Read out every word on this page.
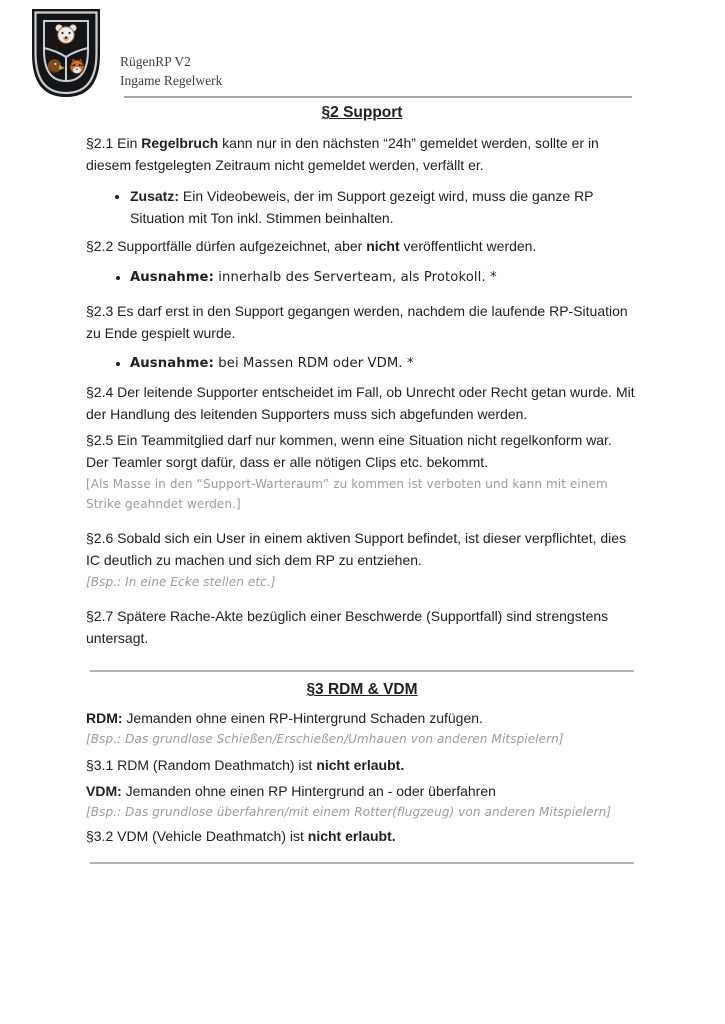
RügenRP V2
Ingame Regelwerk
§2 Support

§2.1 Ein Regelbruch kann nur in den nächsten “24h” gemeldet werden, sollte er in diesem festgelegten Zeitraum nicht gemeldet werden, verfällt er.

• Zusatz: Ein Videobeweis, der im Support gezeigt wird, muss die ganze RP Situation mit Ton inkl. Stimmen beinhalten.

§2.2 Supportfälle dürfen aufgezeichnet, aber nicht veröffentlicht werden.

• Ausnahme: innerhalb des Serverteam, als Protokoll. *

§2.3 Es darf erst in den Support gegangen werden, nachdem die laufende RP-Situation zu Ende gespielt wurde.

• Ausnahme: bei Massen RDM oder VDM. *

§2.4 Der leitende Supporter entscheidet im Fall, ob Unrecht oder Recht getan wurde. Mit der Handlung des leitenden Supporters muss sich abgefunden werden.

§2.5 Ein Teammitglied darf nur kommen, wenn eine Situation nicht regelkonform war. Der Teamler sorgt dafür, dass er alle nötigen Clips etc. bekommt.

[Als Masse in den “Support-Warteraum” zu kommen ist verboten und kann mit einem Strike geahndet werden.]

§2.6 Sobald sich ein User in einem aktiven Support befindet, ist dieser verpflichtet, dies IC deutlich zu machen und sich dem RP zu entziehen.

[Bsp.: In eine Ecke stellen etc.]

§2.7 Spätere Rache-Akte bezüglich einer Beschwerde (Supportfall) sind strengstens untersagt.

§3 RDM & VDM

RDM: Jemanden ohne einen RP-Hintergrund Schaden zufügen.

[Bsp.: Das grundlose Schießen/Erschießen/Umhauen von anderen Mitspielern]

§3.1 RDM (Random Deathmatch) ist nicht erlaubt.

VDM: Jemanden ohne einen RP Hintergrund an - oder überfahren

[Bsp.: Das grundlose überfahren/mit einem Rotter(flugzeug) von anderen Mitspielern]

§3.2 VDM (Vehicle Deathmatch) ist nicht erlaubt.
